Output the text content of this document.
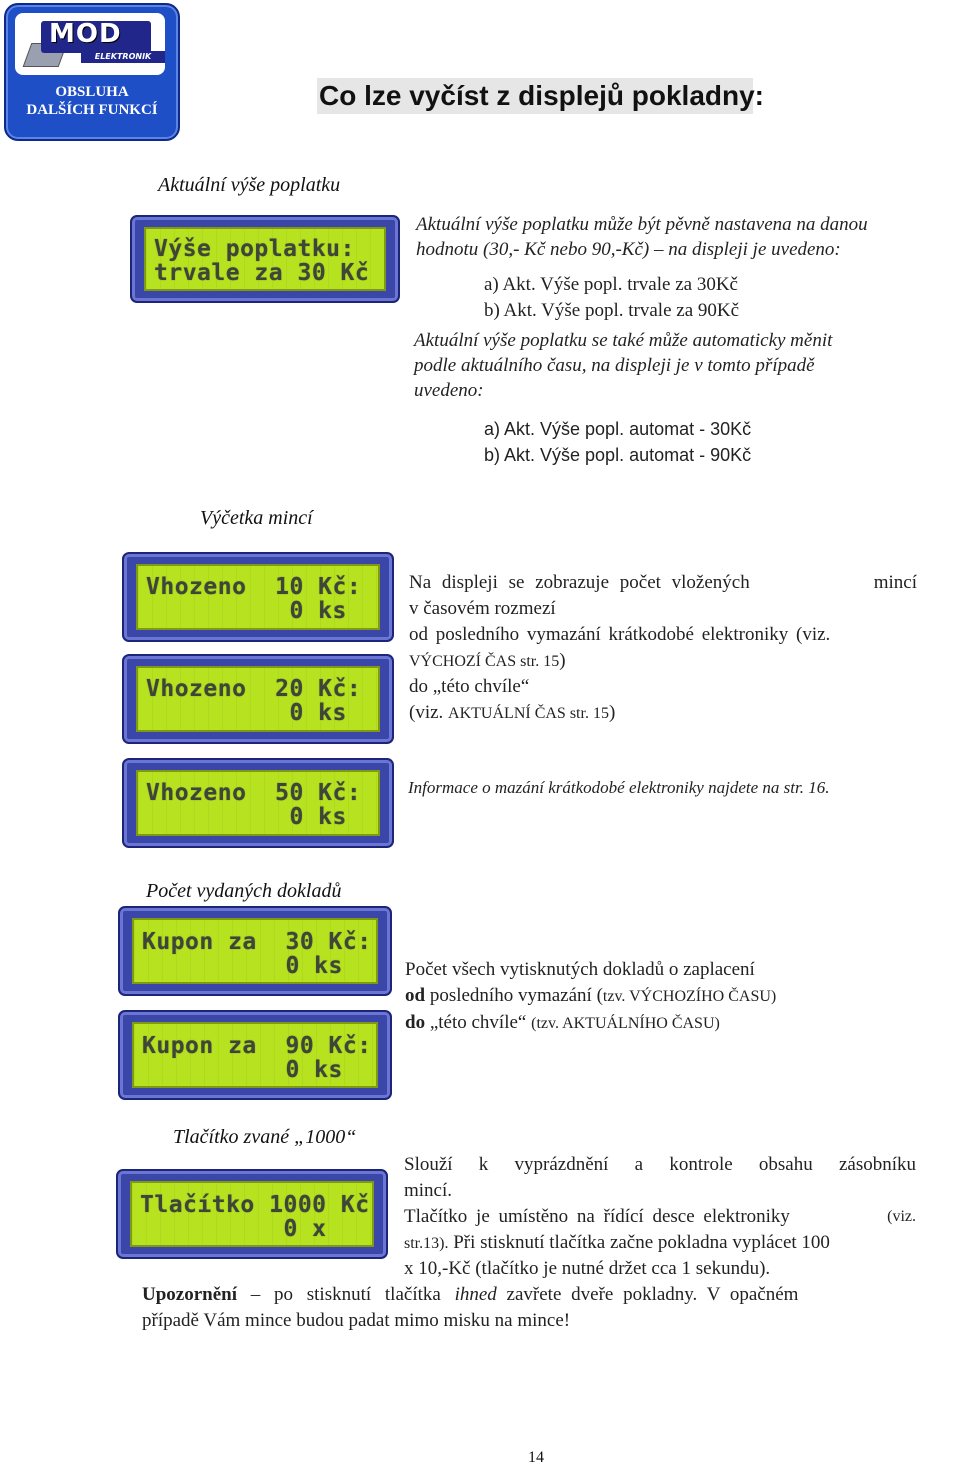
MOD
ELEKTRONIK
OBSLUHA
DALŠÍCH FUNKCÍ	Co lze vyčíst z displejů pokladny:
Aktuální výše poplatku
Výše poplatku:
trvale za 30 Kč
Aktuální výše poplatku může být pěvně nastavena na danou
hodnotu (30,- Kč nebo 90,-Kč) – na displeji je uvedeno:
a) Akt. Výše popl. trvale za 30Kč
b) Akt. Výše popl. trvale za 90Kč
Aktuální výše poplatku se také může automaticky měnit
podle aktuálního času, na displeji je v tomto případě
uvedeno:
a) Akt. Výše popl. automat - 30Kč
b) Akt. Výše popl. automat - 90Kč
Výčetka mincí
Vhozeno  10 Kč:
0 ks
Vhozeno  20 Kč:
0 ks
Vhozeno  50 Kč:
0 ks
Na displeji se zobrazuje počet vložených	mincí
v časovém rozmezí
od posledního vymazání krátkodobé elektroniky (viz.
VÝCHOZÍ ČAS str. 15)
do „této chvíle“
(viz. AKTUÁLNÍ ČAS str. 15)
Informace o mazání krátkodobé elektroniky najdete na str. 16.
Počet vydaných dokladů
Kupon za  30 Kč:
0 ks
Kupon za  90 Kč:
0 ks
Počet všech vytisknutých dokladů o zaplacení
od posledního vymazání (tzv. VÝCHOZÍHO ČASU)
do „této chvíle“ (tzv. AKTUÁLNÍHO ČASU)
Tlačítko zvané „1000“
Tlačítko 1000 Kč
0 x
Slouží k vyprázdnění a kontrole obsahu zásobníku
mincí.
Tlačítko je umístěno na řídící desce elektroniky	(viz.
str.13). Při stisknutí tlačítka začne pokladna vyplácet 100
x 10,-Kč (tlačítko je nutné držet cca 1 sekundu).
Upozornění – po stisknutí tlačítka ihned zavřete dveře pokladny. V opačném
případě Vám mince budou padat mimo misku na mince!
14
